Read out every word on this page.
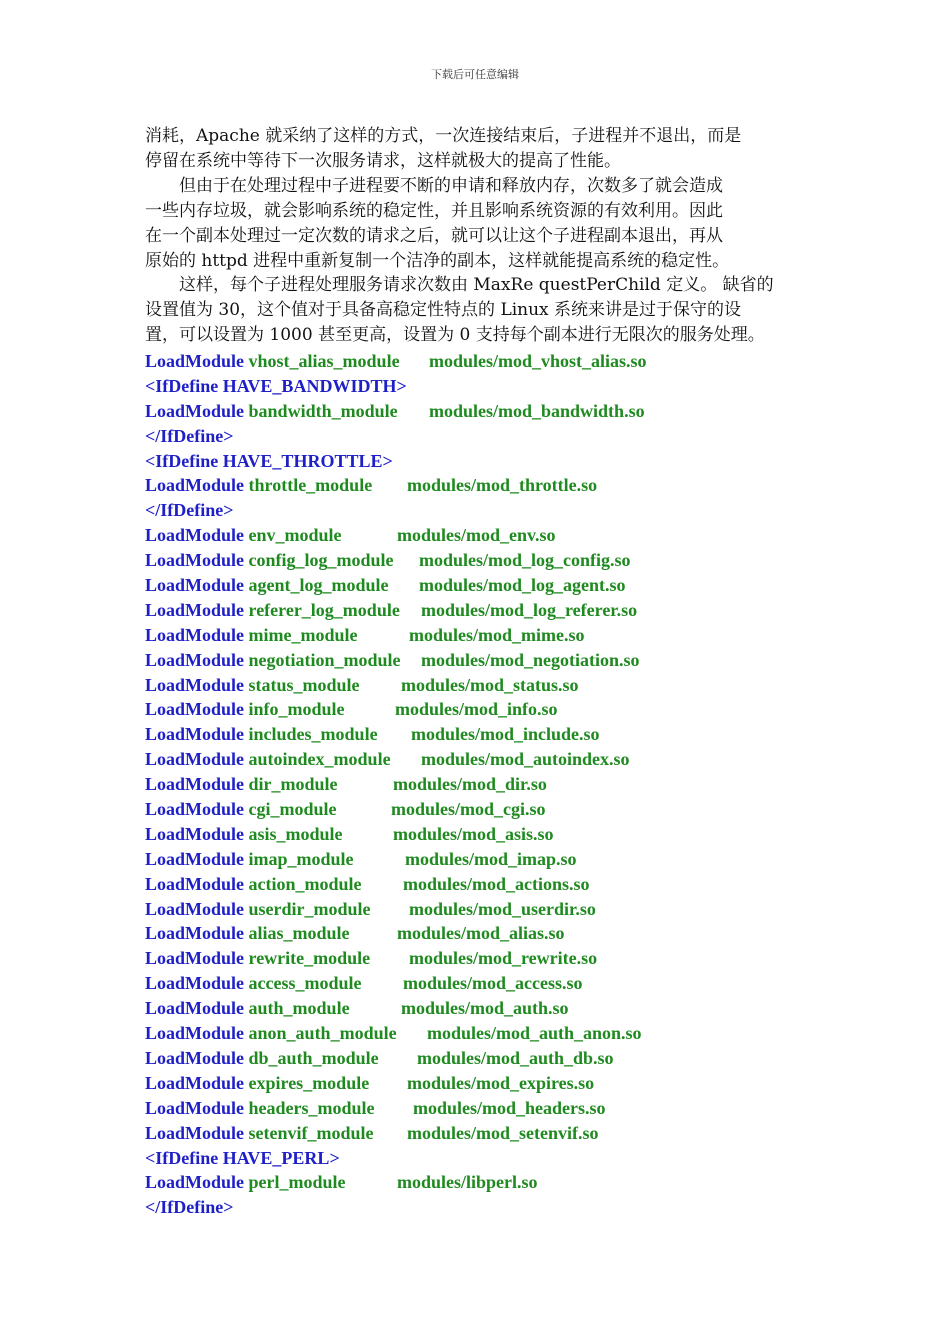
下载后可任意编辑
消耗，Apache 就采纳了这样的方式，一次连接结束后，子进程并不退出，而是
停留在系统中等待下一次服务请求，这样就极大的提高了性能。
但由于在处理过程中子进程要不断的申请和释放内存，次数多了就会造成
一些内存垃圾，就会影响系统的稳定性，并且影响系统资源的有效利用。因此
在一个副本处理过一定次数的请求之后，就可以让这个子进程副本退出，再从
原始的 httpd 进程中重新复制一个洁净的副本，这样就能提高系统的稳定性。
这样，每个子进程处理服务请求次数由 MaxRe questPerChild 定义。 缺省的
设置值为 30，这个值对于具备高稳定性特点的 Linux 系统来讲是过于保守的设
置，可以设置为 1000 甚至更高，设置为 0 支持每个副本进行无限次的服务处理。
LoadModule vhost_alias_module modules/mod_vhost_alias.so
<IfDefine HAVE_BANDWIDTH>
LoadModule bandwidth_module modules/mod_bandwidth.so
</IfDefine>
<IfDefine HAVE_THROTTLE>
LoadModule throttle_module modules/mod_throttle.so
</IfDefine>
LoadModule env_module	modules/mod_env.so
LoadModule config_log_module modules/mod_log_config.so
LoadModule agent_log_module modules/mod_log_agent.so
LoadModule referer_log_module modules/mod_log_referer.so
LoadModule mime_module	modules/mod_mime.so
LoadModule negotiation_module modules/mod_negotiation.so
LoadModule status_module modules/mod_status.so
LoadModule info_module	modules/mod_info.so
LoadModule includes_module modules/mod_include.so
LoadModule autoindex_module modules/mod_autoindex.so
LoadModule dir_module	modules/mod_dir.so
LoadModule cgi_module	modules/mod_cgi.so
LoadModule asis_module	modules/mod_asis.so
LoadModule imap_module	modules/mod_imap.so
LoadModule action_module modules/mod_actions.so
LoadModule userdir_module modules/mod_userdir.so
LoadModule alias_module	modules/mod_alias.so
LoadModule rewrite_module modules/mod_rewrite.so
LoadModule access_module modules/mod_access.so
LoadModule auth_module	modules/mod_auth.so
LoadModule anon_auth_module modules/mod_auth_anon.so
LoadModule db_auth_module modules/mod_auth_db.so
LoadModule expires_module modules/mod_expires.so
LoadModule headers_module modules/mod_headers.so
LoadModule setenvif_module modules/mod_setenvif.so
<IfDefine HAVE_PERL>
LoadModule perl_module	modules/libperl.so
</IfDefine>
